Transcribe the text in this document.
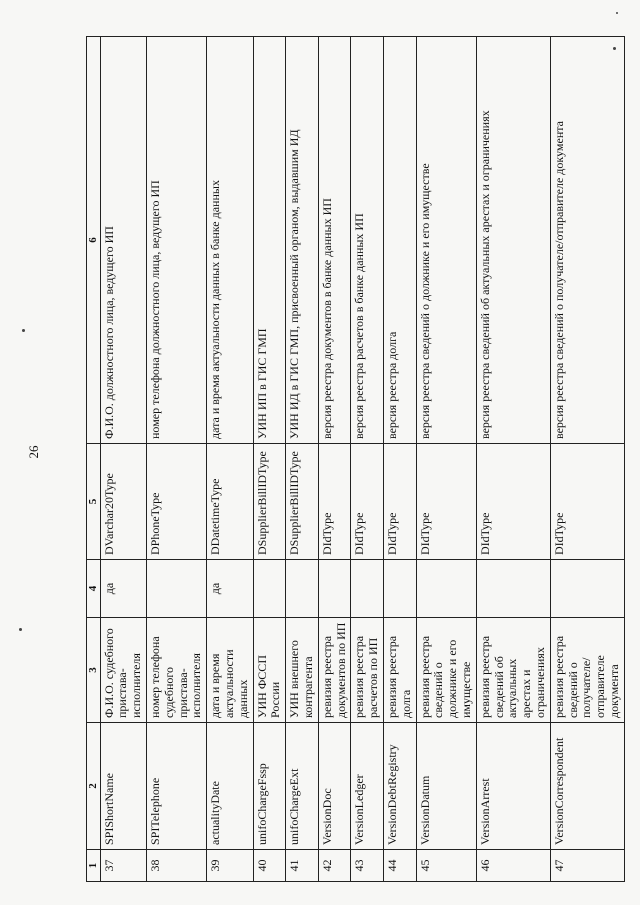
26
1	2	3	4	5	6
37	SPIShortName	Ф.И.О. судебного пристава-исполнителя	да	DVarchar20Type	Ф.И.О. должностного лица, ведущего ИП
38	SPITelephone	номер телефона судебного пристава-исполнителя		DPhoneType	номер телефона должностного лица, ведущего ИП
39	actualityDate	дата и время актуальности данных	да	DDatetimeType	дата и время актуальности данных в банке данных
40	unifoChargeFssp	УИН ФССП России		DSupplierBillIDType	УИН ИП в ГИС ГМП
41	unifoChargeExt	УИН внешнего контрагента		DSupplierBillIDType	УИН ИД в ГИС ГМП, присвоенный органом, выдавшим ИД
42	VersionDoc	ревизия реестра документов по ИП		DIdType	версия реестра документов в банке данных ИП
43	VersionLedger	ревизия реестра расчетов по ИП		DIdType	версия реестра расчетов в банке данных ИП
44	VersionDebtRegistry	ревизия реестра долга		DIdType	версия реестра долга
45	VersionDatum	ревизия реестра сведений о должнике и его имуществе		DIdType	версия реестра сведений о должнике и его имуществе
46	VersionArrest	ревизия реестра сведений об актуальных арестах и ограничениях		DIdType	версия реестра сведений об актуальных арестах и ограничениях
47	VersionCorrespondent	ревизия реестра сведений о получателе/ отправителе документа		DIdType	версия реестра сведений о получателе/отправителе документа
